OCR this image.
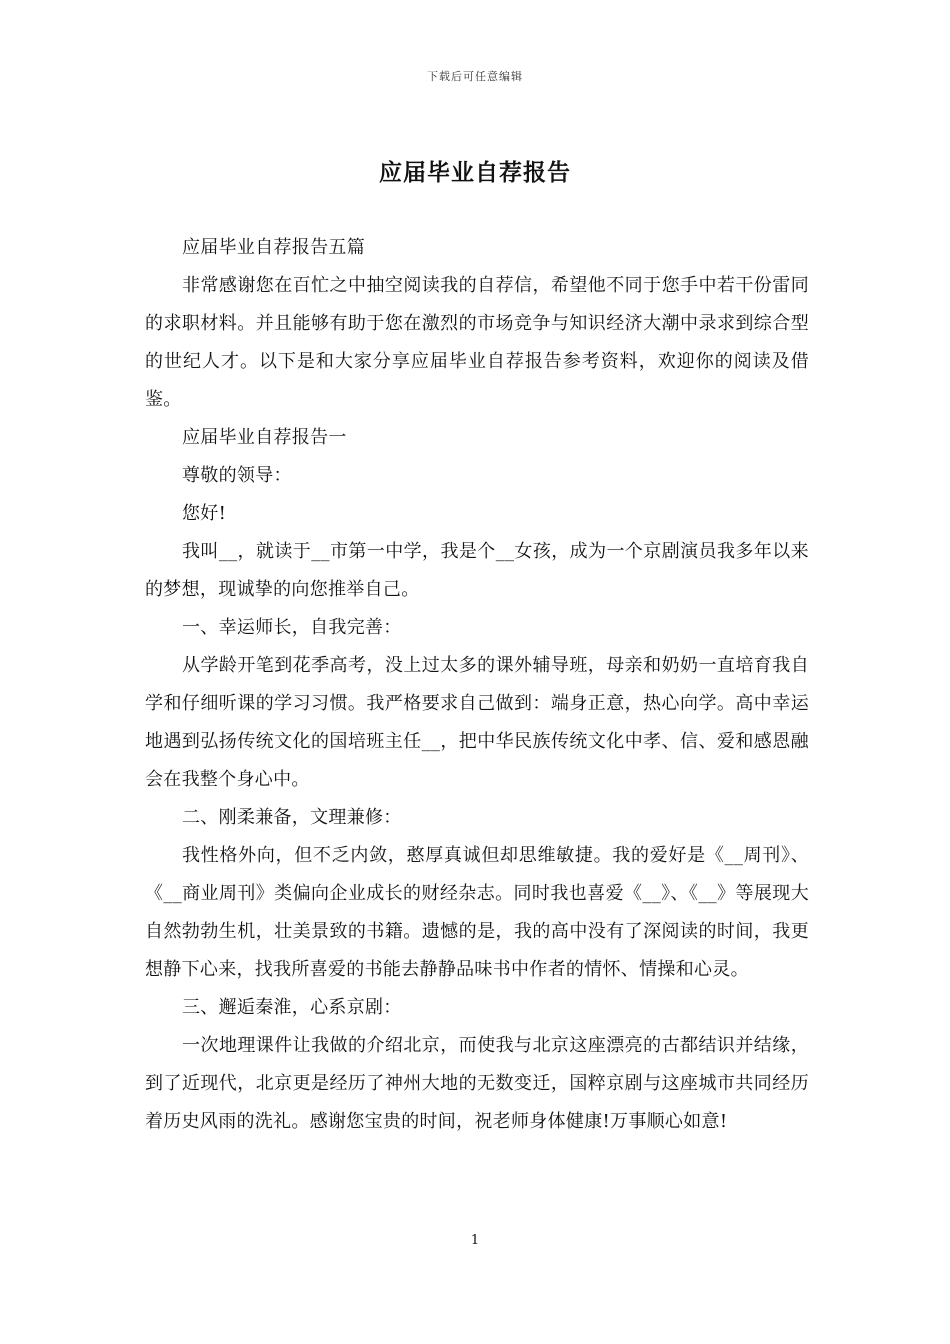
下载后可任意编辑
应届毕业自荐报告

应届毕业自荐报告五篇

非常感谢您在百忙之中抽空阅读我的自荐信，希望他不同于您手中若干份雷同的求职材料。并且能够有助于您在激烈的市场竞争与知识经济大潮中录求到综合型的世纪人才。以下是和大家分享应届毕业自荐报告参考资料，欢迎你的阅读及借鉴。

应届毕业自荐报告一

尊敬的领导：

您好!

我叫__，就读于__市第一中学，我是个__女孩，成为一个京剧演员我多年以来的梦想，现诚挚的向您推举自己。

一、幸运师长，自我完善：

从学龄开笔到花季高考，没上过太多的课外辅导班，母亲和奶奶一直培育我自学和仔细听课的学习习惯。我严格要求自己做到：端身正意，热心向学。高中幸运地遇到弘扬传统文化的国培班主任__，把中华民族传统文化中孝、信、爱和感恩融会在我整个身心中。

二、刚柔兼备，文理兼修：

我性格外向，但不乏内敛，憨厚真诚但却思维敏捷。我的爱好是《__周刊》、《__商业周刊》类偏向企业成长的财经杂志。同时我也喜爱《__》、《__》等展现大自然勃勃生机，壮美景致的书籍。遗憾的是，我的高中没有了深阅读的时间，我更想静下心来，找我所喜爱的书能去静静品味书中作者的情怀、情操和心灵。

三、邂逅秦淮，心系京剧：

一次地理课件让我做的介绍北京，而使我与北京这座漂亮的古都结识并结缘，到了近现代，北京更是经历了神州大地的无数变迁，国粹京剧与这座城市共同经历着历史风雨的洗礼。感谢您宝贵的时间，祝老师身体健康!万事顺心如意!

1
